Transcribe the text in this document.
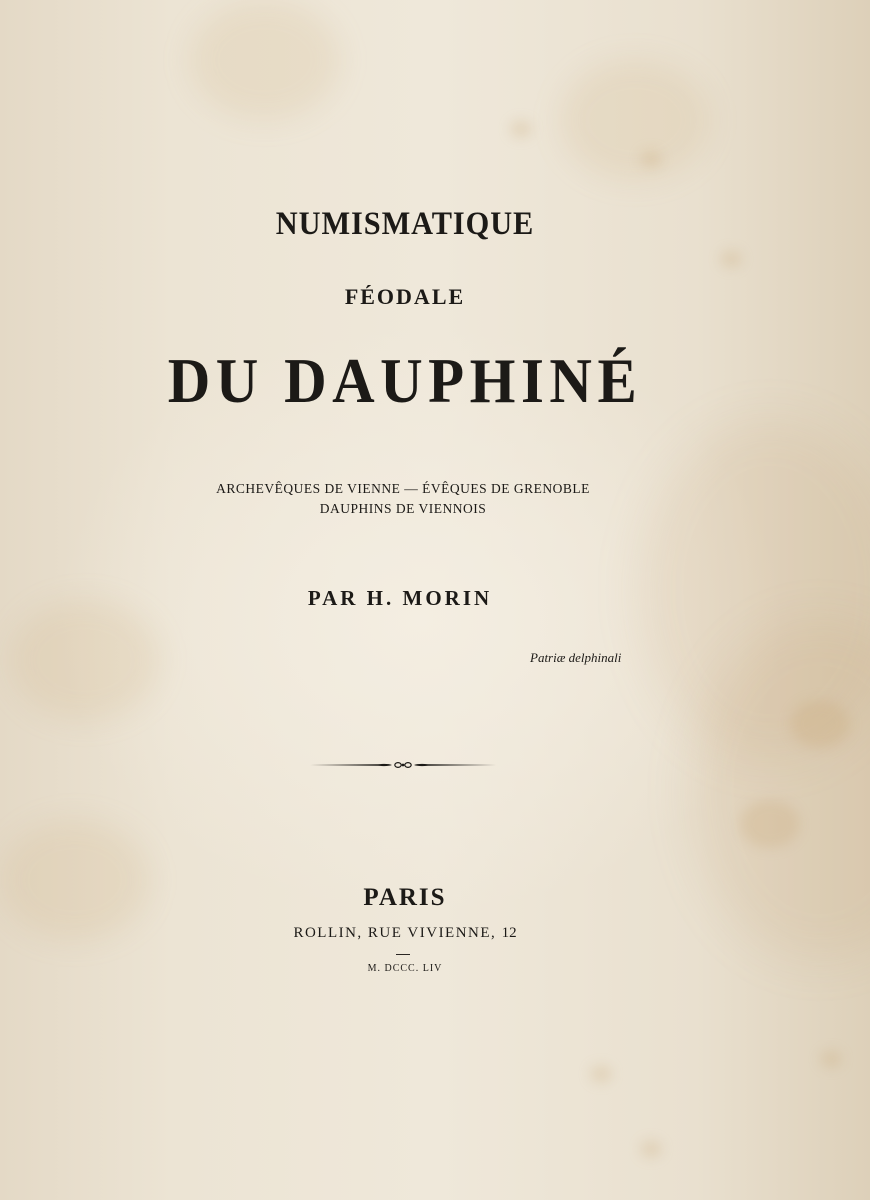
NUMISMATIQUE
FÉODALE
DU DAUPHINÉ
ARCHEVÊQUES DE VIENNE — ÉVÊQUES DE GRENOBLE
DAUPHINS DE VIENNOIS
PAR H. MORIN
Patriæ delphinali
PARIS
ROLLIN, RUE VIVIENNE, 12
M. DCCC. LIV
